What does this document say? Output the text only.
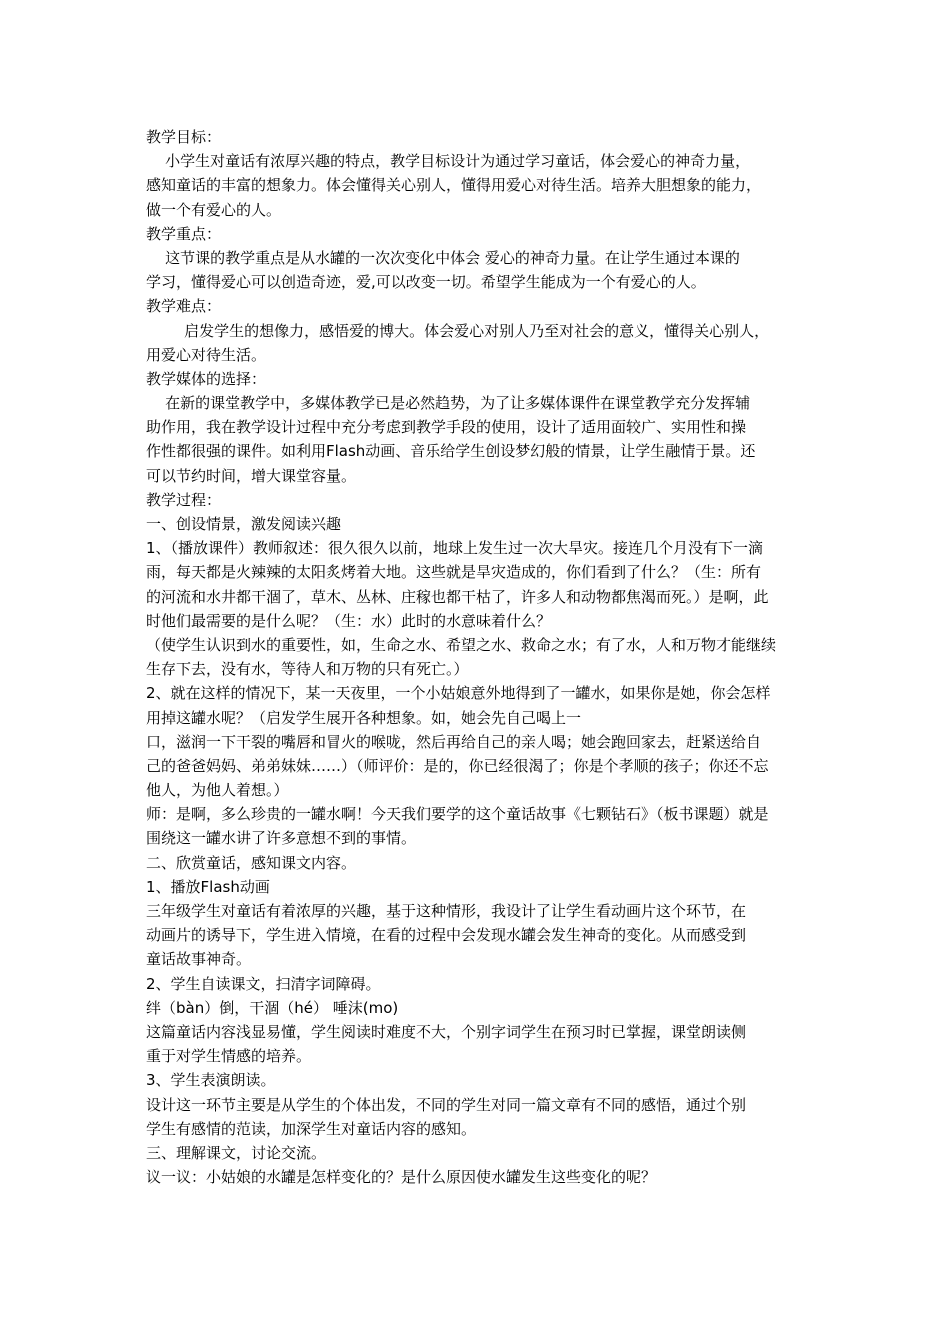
教学目标：
小学生对童话有浓厚兴趣的特点，教学目标设计为通过学习童话，体会爱心的神奇力量，
感知童话的丰富的想象力。体会懂得关心别人，懂得用爱心对待生活。培养大胆想象的能力，
做一个有爱心的人。
教学重点：
这节课的教学重点是从水罐的一次次变化中体会 爱心的神奇力量。在让学生通过本课的
学习，懂得爱心可以创造奇迹，爱,可以改变一切。希望学生能成为一个有爱心的人。
教学难点：
启发学生的想像力，感悟爱的博大。体会爱心对别人乃至对社会的意义，懂得关心别人，
用爱心对待生活。
教学媒体的选择：
在新的课堂教学中，多媒体教学已是必然趋势，为了让多媒体课件在课堂教学充分发挥辅
助作用，我在教学设计过程中充分考虑到教学手段的使用，设计了适用面较广、实用性和操
作性都很强的课件。如利用Flash动画、音乐给学生创设梦幻般的情景，让学生融情于景。还
可以节约时间，增大课堂容量。
教学过程：
一、创设情景，激发阅读兴趣
1、（播放课件）教师叙述：很久很久以前，地球上发生过一次大旱灾。接连几个月没有下一滴
雨，每天都是火辣辣的太阳炙烤着大地。这些就是旱灾造成的，你们看到了什么？（生：所有
的河流和水井都干涸了，草木、丛林、庄稼也都干枯了，许多人和动物都焦渴而死。）是啊，此
时他们最需要的是什么呢？（生：水）此时的水意味着什么？
（使学生认识到水的重要性，如，生命之水、希望之水、救命之水；有了水，人和万物才能继续
生存下去，没有水，等待人和万物的只有死亡。）
2、就在这样的情况下，某一天夜里，一个小姑娘意外地得到了一罐水，如果你是她，你会怎样
用掉这罐水呢？（启发学生展开各种想象。如，她会先自己喝上一
口，滋润一下干裂的嘴唇和冒火的喉咙，然后再给自己的亲人喝；她会跑回家去，赶紧送给自
己的爸爸妈妈、弟弟妹妹……）（师评价：是的，你已经很渴了；你是个孝顺的孩子；你还不忘
他人，为他人着想。）
师：是啊，多么珍贵的一罐水啊！今天我们要学的这个童话故事《七颗钻石》（板书课题）就是
围绕这一罐水讲了许多意想不到的事情。
二、欣赏童话，感知课文内容。
1、播放Flash动画
三年级学生对童话有着浓厚的兴趣，基于这种情形，我设计了让学生看动画片这个环节，在
动画片的诱导下，学生进入情境，在看的过程中会发现水罐会发生神奇的变化。从而感受到
童话故事神奇。
2、学生自读课文，扫清字词障碍。
绊（bàn）倒，干涸（hé） 唾沫(mo)
这篇童话内容浅显易懂，学生阅读时难度不大，个别字词学生在预习时已掌握，课堂朗读侧
重于对学生情感的培养。
3、学生表演朗读。
设计这一环节主要是从学生的个体出发，不同的学生对同一篇文章有不同的感悟，通过个别
学生有感情的范读，加深学生对童话内容的感知。
三、理解课文，讨论交流。
议一议：小姑娘的水罐是怎样变化的？是什么原因使水罐发生这些变化的呢？
